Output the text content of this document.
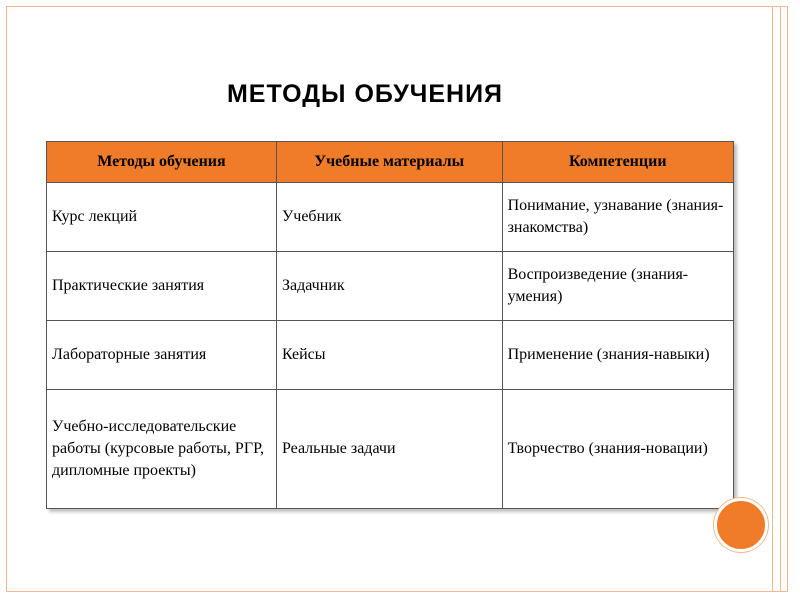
МЕТОДЫ ОБУЧЕНИЯ
Методы обучения	Учебные материалы	Компетенции
Курс лекций	Учебник	Понимание, узнавание (знания-знакомства)
Практические занятия	Задачник	Воспроизведение (знания-умения)
Лабораторные занятия	Кейсы	Применение (знания-навыки)
Учебно-исследовательские работы (курсовые работы, РГР, дипломные проекты)	Реальные задачи	Творчество (знания-новации)
